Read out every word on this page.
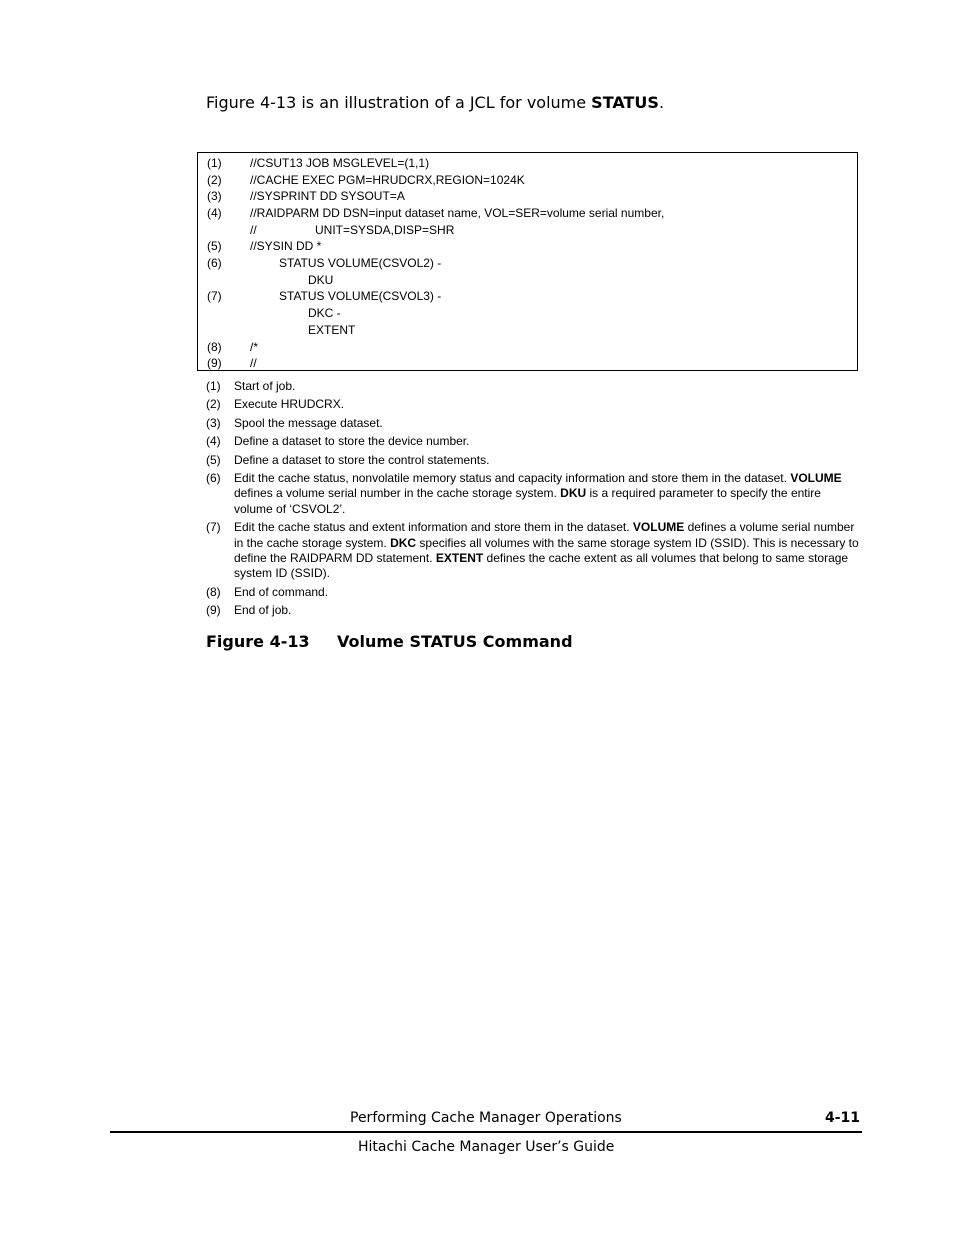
Figure 4-13 is an illustration of a JCL for volume STATUS.
(1) //CSUT13 JOB MSGLEVEL=(1,1)
(2) //CACHE EXEC PGM=HRUDCRX,REGION=1024K
(3) //SYSPRINT DD SYSOUT=A
(4) //RAIDPARM DD DSN=input dataset name, VOL=SER=volume serial number,
//	UNIT=SYSDA,DISP=SHR
(5) //SYSIN DD *
(6)	STATUS VOLUME(CSVOL2) -
DKU
(7)	STATUS VOLUME(CSVOL3) -
DKC -
EXTENT
(8) /*
(9) //
(1) Start of job.
(2) Execute HRUDCRX.
(3) Spool the message dataset.
(4) Define a dataset to store the device number.
(5) Define a dataset to store the control statements.
(6) Edit the cache status, nonvolatile memory status and capacity information and store them in the dataset. VOLUME defines a volume serial number in the cache storage system. DKU is a required parameter to specify the entire volume of ‘CSVOL2’.
(7) Edit the cache status and extent information and store them in the dataset. VOLUME defines a volume serial number in the cache storage system. DKC specifies all volumes with the same storage system ID (SSID). This is necessary to define the RAIDPARM DD statement. EXTENT defines the cache extent as all volumes that belong to same storage system ID (SSID).
(8) End of command.
(9) End of job.
Figure 4-13 Volume STATUS Command
Performing Cache Manager Operations	4-11
Hitachi Cache Manager User’s Guide
